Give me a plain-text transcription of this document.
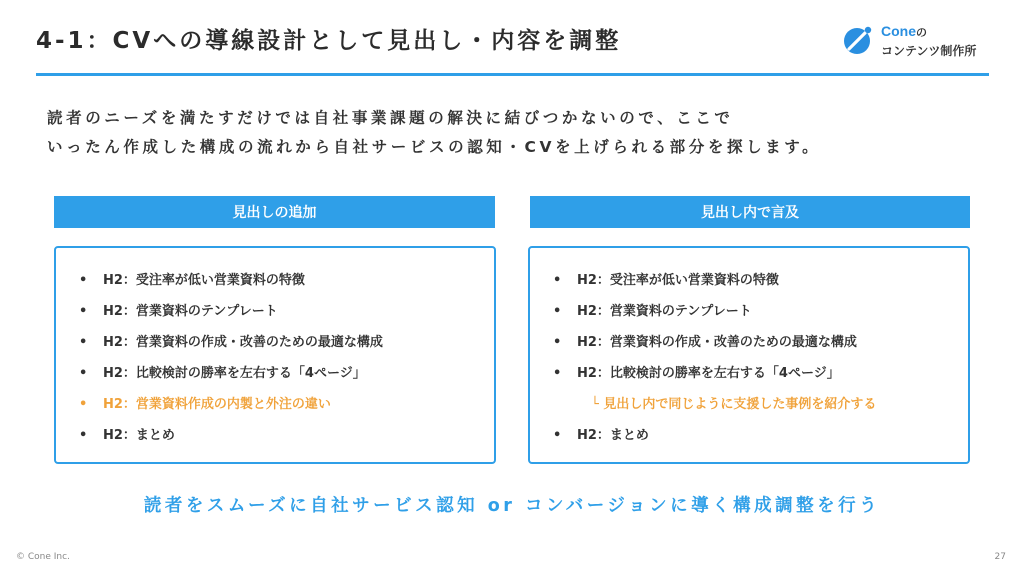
4-1：CVへの導線設計として見出し・内容を調整	Coneの
コンテンツ制作所

読者のニーズを満たすだけでは自社事業課題の解決に結びつかないので、ここで

いったん作成した構成の流れから自社サービスの認知・CVを上げられる部分を探します。

見出しの追加
• H2：受注率が低い営業資料の特徴
• H2：営業資料のテンプレート
• H2：営業資料の作成・改善のための最適な構成
• H2：比較検討の勝率を左右する「4ページ」
• H2：営業資料作成の内製と外注の違い
• H2：まとめ
見出し内で言及
• H2：受注率が低い営業資料の特徴
• H2：営業資料のテンプレート
• H2：営業資料の作成・改善のための最適な構成
• H2：比較検討の勝率を左右する「4ページ」
└ 見出し内で同じように支援した事例を紹介する
• H2：まとめ
読者をスムーズに自社サービス認知 or コンバージョンに導く構成調整を行う
© Cone Inc.	27
